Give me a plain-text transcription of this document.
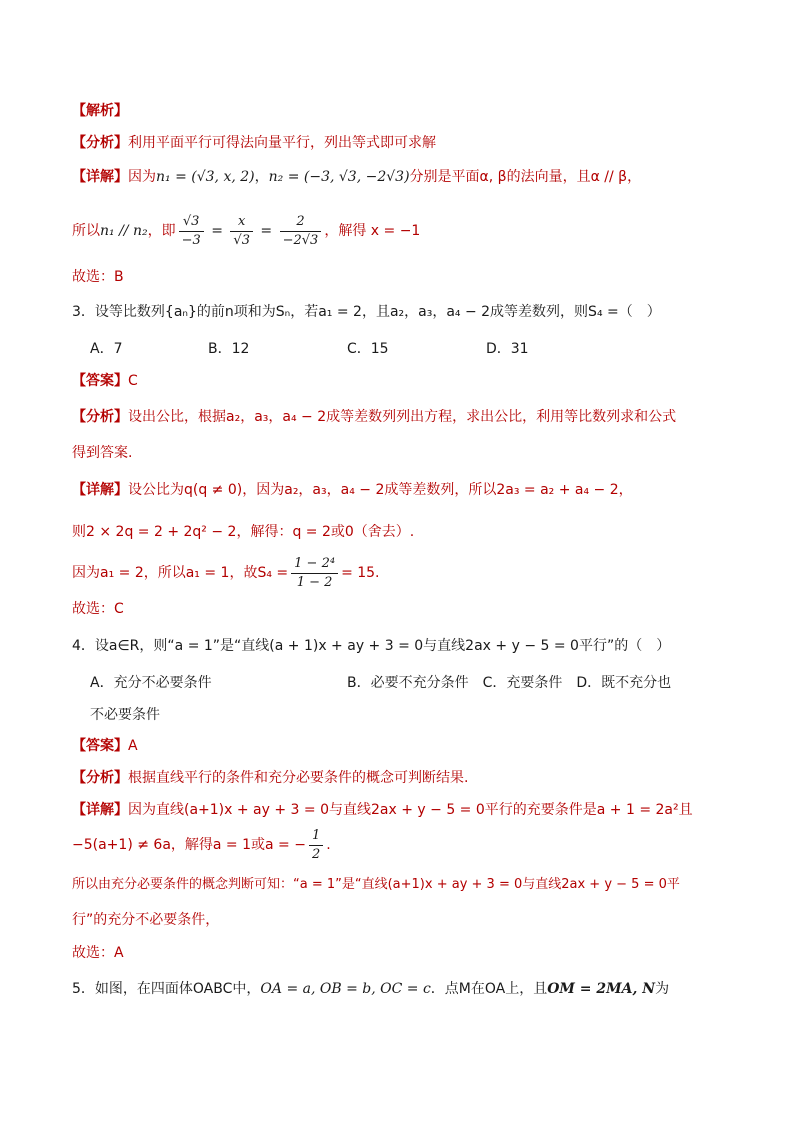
【解析】
【分析】利用平面平行可得法向量平行，列出等式即可求解
【详解】因为n₁ = (√3, x, 2)，n₂ = (−3, √3, −2√3)分别是平面α, β的法向量，且α // β，
所以n₁ // n₂，即 $\frac{√3}{-3} = \frac{x}{√3} = \frac{2}{-2√3}$ ，解得 x = −1
故选：B
3．设等比数列{aₙ}的前n项和为Sₙ，若a₁ = 2，且a₂，a₃，a₄ − 2成等差数列，则S₄ =（　）
A．7	B．12	C．15	D．31
【答案】C
【分析】设出公比，根据a₂，a₃，a₄ − 2成等差数列列出方程，求出公比，利用等比数列求和公式
得到答案.
【详解】设公比为q(q ≠ 0)，因为a₂，a₃，a₄ − 2成等差数列，所以2a₃ = a₂ + a₄ − 2，
则2 × 2q = 2 + 2q² − 2，解得：q = 2或0（舍去）.
因为a₁ = 2，所以a₁ = 1，故$S_4 = \frac{\text{1 − 2⁴}}{1 - 2} = 15$.
故选：C
4．设a∈R，则“a = 1”是“直线(a + 1)x + ay + 3 = 0与直线2ax + y − 5 = 0平行”的（　）
A．充分不必要条件	B．必要不充分条件　C．充要条件　D．既不充分也
不必要条件
【答案】A
【分析】根据直线平行的条件和充分必要条件的概念可判断结果.
【详解】因为直线(a+1)x + ay + 3 = 0与直线2ax + y − 5 = 0平行的充要条件是a + 1 = 2a²且
−5(a+1) ≠ 6a，解得a = 1或a = − $\frac{1}{2}$ .
所以由充分必要条件的概念判断可知：“a = 1”是“直线(a+1)x + ay + 3 = 0与直线2ax + y − 5 = 0平
行”的充分不必要条件，
故选：A
5．如图，在四面体OABC中，OA = a, OB = b, OC = c．点M在OA上，且OM = 2MA, N为
